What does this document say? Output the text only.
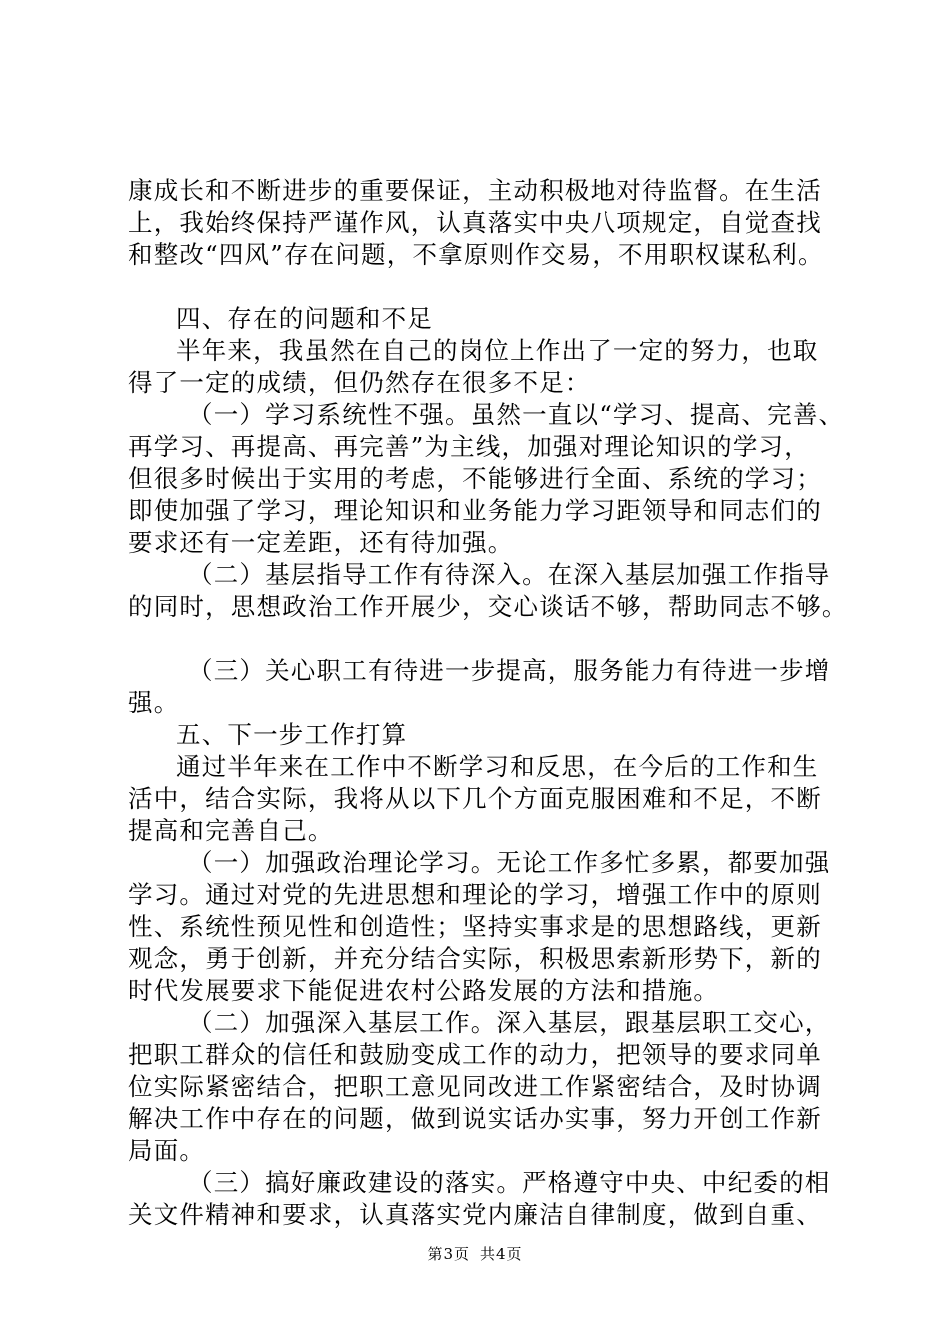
康成长和不断进步的重要保证，主动积极地对待监督。在生活
上，我始终保持严谨作风，认真落实中央八项规定，自觉查找
和整改“四风”存在问题，不拿原则作交易，不用职权谋私利。
四、存在的问题和不足
半年来，我虽然在自己的岗位上作出了一定的努力，也取
得了一定的成绩，但仍然存在很多不足：
（一）学习系统性不强。虽然一直以“学习、提高、完善、
再学习、再提高、再完善”为主线，加强对理论知识的学习，
但很多时候出于实用的考虑，不能够进行全面、系统的学习；
即使加强了学习，理论知识和业务能力学习距领导和同志们的
要求还有一定差距，还有待加强。
（二）基层指导工作有待深入。在深入基层加强工作指导
的同时，思想政治工作开展少，交心谈话不够，帮助同志不够。
（三）关心职工有待进一步提高，服务能力有待进一步增
强。
五、下一步工作打算
通过半年来在工作中不断学习和反思，在今后的工作和生
活中，结合实际，我将从以下几个方面克服困难和不足，不断
提高和完善自己。
（一）加强政治理论学习。无论工作多忙多累，都要加强
学习。通过对党的先进思想和理论的学习，增强工作中的原则
性、系统性预见性和创造性；坚持实事求是的思想路线，更新
观念，勇于创新，并充分结合实际，积极思索新形势下，新的
时代发展要求下能促进农村公路发展的方法和措施。
（二）加强深入基层工作。深入基层，跟基层职工交心，
把职工群众的信任和鼓励变成工作的动力，把领导的要求同单
位实际紧密结合，把职工意见同改进工作紧密结合，及时协调
解决工作中存在的问题，做到说实话办实事，努力开创工作新
局面。
（三）搞好廉政建设的落实。严格遵守中央、中纪委的相
关文件精神和要求，认真落实党内廉洁自律制度，做到自重、
第3页 共4页
